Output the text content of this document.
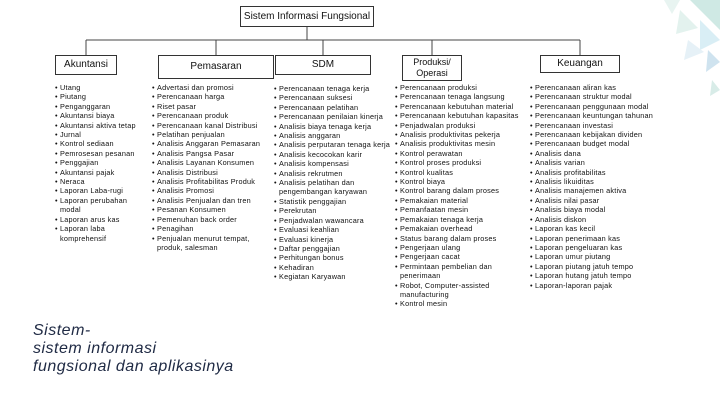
Sistem Informasi Fungsional
Akuntansi	Pemasaran	SDM	Produksi/ Operasi
Keuangan
• Utang
• Piutang
• Penganggaran
• Akuntansi biaya
• Akuntansi aktiva tetap
• Jurnal
• Kontrol sediaan
• Pemrosesan pesanan
• Penggajian
• Akuntansi pajak
• Neraca
• Laporan Laba-rugi
• Laporan perubahan modal
• Laporan arus kas
• Laporan laba komprehensif
• Advertasi dan promosi
• Perencanaan harga
• Riset pasar
• Perencanaan produk
• Perencanaan kanal Distribusi
• Pelatihan penjualan
• Analisis Anggaran Pemasaran
• Analisis Pangsa Pasar
• Analisis Layanan Konsumen
• Analisis Distribusi
• Analisis Profitabilitas Produk
• Analisis Promosi
• Analisis Penjualan dan tren
• Pesanan Konsumen
• Pemenuhan back order
• Penagihan
• Penjualan menurut tempat, produk, salesman
• Perencanaan tenaga kerja
• Perencanaan suksesi
• Perencanaan pelatihan
• Perencanaan penilaian kinerja
• Analisis biaya tenaga kerja
• Analisis anggaran
• Analisis perputaran tenaga kerja
• Analisis kecocokan karir
• Analisis kompensasi
• Analisis rekrutmen
• Analisis pelatihan dan pengembangan karyawan
• Statistik penggajian
• Perekrutan
• Penjadwalan wawancara
• Evaluasi keahlian
• Evaluasi kinerja
• Daftar penggajian
• Perhitungan bonus
• Kehadiran
• Kegiatan Karyawan
• Perencanaan produksi
• Perencanaan tenaga langsung
• Perencanaan kebutuhan material
• Perencanaan kebutuhan kapasitas
• Penjadwalan produksi
• Analisis produktivitas pekerja
• Analisis produktivitas mesin
• Kontrol perawatan
• Kontrol proses produksi
• Kontrol kualitas
• Kontrol biaya
• Kontrol barang dalam proses
• Pemakaian material
• Pemanfaatan mesin
• Pemakaian tenaga kerja
• Pemakaian overhead
• Status barang dalam proses
• Pengerjaan ulang
• Pengerjaan cacat
• Permintaan pembelian dan penerimaan
• Robot, Computer-assisted manufacturing
• Kontrol mesin
• Perencanaan aliran kas
• Perencanaan struktur modal
• Perencanaan penggunaan modal
• Perencanaan keuntungan tahunan
• Perencanaan investasi
• Perencanaan kebijakan dividen
• Perencanaan budget modal
• Analisis dana
• Analisis varian
• Analisis profitabilitas
• Analisis likuiditas
• Analisis manajemen aktiva
• Analisis nilai pasar
• Analisis biaya modal
• Analisis diskon
• Laporan kas kecil
• Laporan penerimaan kas
• Laporan pengeluaran kas
• Laporan umur piutang
• Laporan piutang jatuh tempo
• Laporan hutang jatuh tempo
• Laporan-laporan pajak
Sistem-
sistem informasi
fungsional dan aplikasinya
